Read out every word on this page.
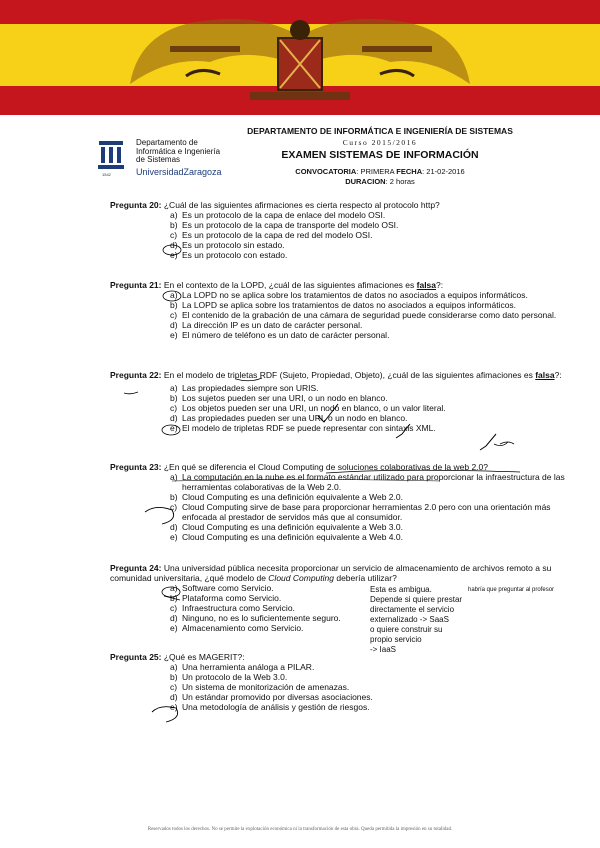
1542
Departamento de
Informática e Ingeniería
de Sistemas
UniversidadZaragoza
DEPARTAMENTO DE INFORMÁTICA E INGENIERÍA DE SISTEMAS
Curso 2015/2016
EXAMEN SISTEMAS DE INFORMACIÓN
CONVOCATORIA: PRIMERA FECHA: 21-02-2016
DURACION: 2 horas
Pregunta 20: ¿Cuál de las siguientes afirmaciones es cierta respecto al protocolo http?
a) Es un protocolo de la capa de enlace del modelo OSI.
b) Es un protocolo de la capa de transporte del modelo OSI.
c) Es un protocolo de la capa de red del modelo OSI.
d) Es un protocolo sin estado.
e) Es un protocolo con estado.
Pregunta 21: En el contexto de la LOPD, ¿cuál de las siguientes afimaciones es falsa?:
a) La LOPD no se aplica sobre los tratamientos de datos no asociados a equipos informáticos.
b) La LOPD se aplica sobre los tratamientos de datos no asociados a equipos informáticos.
c) El contenido de la grabación de una cámara de seguridad puede considerarse como dato personal.
d) La dirección IP es un dato de carácter personal.
e) El número de teléfono es un dato de carácter personal.
Pregunta 22: En el modelo de tripletas RDF (Sujeto, Propiedad, Objeto), ¿cuál de las siguientes afimaciones es falsa?:
a) Las propiedades siempre son URIS.
b) Los sujetos pueden ser una URI, o un nodo en blanco.
c) Los objetos pueden ser una URI, un nodo en blanco, o un valor literal.
d) Las propiedades pueden ser una URI, o un nodo en blanco.
e) El modelo de tripletas RDF se puede representar con sintaxis XML.
Pregunta 23: ¿En qué se diferencia el Cloud Computing de soluciones colaborativas de la web 2.0?
a) La computación en la nube es el formato estándar utilizado para proporcionar la infraestructura de las herramientas colaborativas de la Web 2.0.
b) Cloud Computing es una definición equivalente a Web 2.0.
c) Cloud Computing sirve de base para proporcionar herramientas 2.0 pero con una orientación más enfocada al prestador de servidos más que al consumidor.
d) Cloud Computing es una definición equivalente a Web 3.0.
e) Cloud Computing es una definición equivalente a Web 4.0.
Pregunta 24: Una universidad pública necesita proporcionar un servicio de almacenamiento de archivos remoto a su comunidad universitaria, ¿qué modelo de Cloud Computing debería utilizar?
a) Software como Servicio.
b) Plataforma como Servicio.
c) Infraestructura como Servicio.
d) Ninguno, no es lo suficientemente seguro.
e) Almacenamiento como Servicio.
Esta es ambigua.
Depende si quiere prestar
directamente el servicio
externalizado -> SaaS
o quiere construir su
propio servicio
-> IaaS
habría que preguntar al profesor
Pregunta 25: ¿Qué es MAGERIT?:
a) Una herramienta análoga a PILAR.
b) Un protocolo de la Web 3.0.
c) Un sistema de monitorización de amenazas.
d) Un estándar promovido por diversas asociaciones.
e) Una metodología de análisis y gestión de riesgos.
Reservados todos los derechos. No se permite la explotación económica ni la transformación de esta obra. Queda permitida la impresión en su totalidad.
